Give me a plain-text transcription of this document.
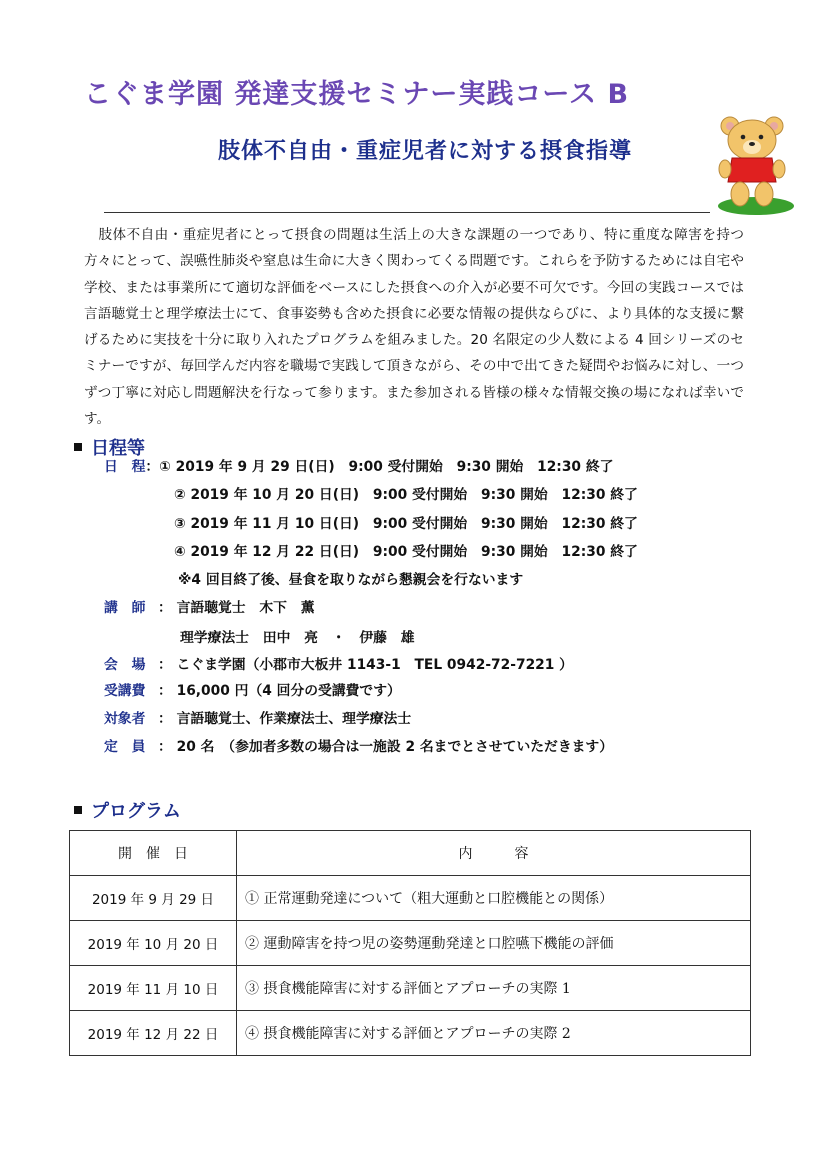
こぐま学園 発達支援セミナー実践コース B
肢体不自由・重症児者に対する摂食指導

肢体不自由・重症児者にとって摂食の問題は生活上の大きな課題の一つであり、特に重度な障害を持つ方々にとって、誤嚥性肺炎や窒息は生命に大きく関わってくる問題です。これらを予防するためには自宅や学校、または事業所にて適切な評価をベースにした摂食への介入が必要不可欠です。今回の実践コースでは言語聴覚士と理学療法士にて、食事姿勢も含めた摂食に必要な情報の提供ならびに、より具体的な支援に繋げるために実技を十分に取り入れたプログラムを組みました。20 名限定の少人数による 4 回シリーズのセミナーですが、毎回学んだ内容を職場で実践して頂きながら、その中で出てきた疑問やお悩みに対し、一つずつ丁寧に対応し問題解決を行なって参ります。また参加される皆様の様々な情報交換の場になれば幸いです。

日程等
日　程：① 2019 年 9 月 29 日(日)　9:00 受付開始　9:30 開始　12:30 終了
② 2019 年 10 月 20 日(日)　9:00 受付開始　9:30 開始　12:30 終了
③ 2019 年 11 月 10 日(日)　9:00 受付開始　9:30 開始　12:30 終了
④ 2019 年 12 月 22 日(日)　9:00 受付開始　9:30 開始　12:30 終了
※4 回目終了後、昼食を取りながら懇親会を行ないます
講　師 ： 言語聴覚士　木下　薫
理学療法士　田中　亮　・　伊藤　雄
会　場 ： こぐま学園（小郡市大板井 1143-1　TEL 0942-72-7221 ）
受講費 ： 16,000 円（4 回分の受講費です）
対象者 ： 言語聴覚士、作業療法士、理学療法士
定　員 ： 20 名　（参加者多数の場合は一施設 2 名までとさせていただきます）
プログラム
開　催　日	内　　　容
2019 年 9 月 29 日	① 正常運動発達について（粗大運動と口腔機能との関係）
2019 年 10 月 20 日	② 運動障害を持つ児の姿勢運動発達と口腔嚥下機能の評価
2019 年 11 月 10 日	③ 摂食機能障害に対する評価とアプローチの実際 1
2019 年 12 月 22 日	④ 摂食機能障害に対する評価とアプローチの実際 2
